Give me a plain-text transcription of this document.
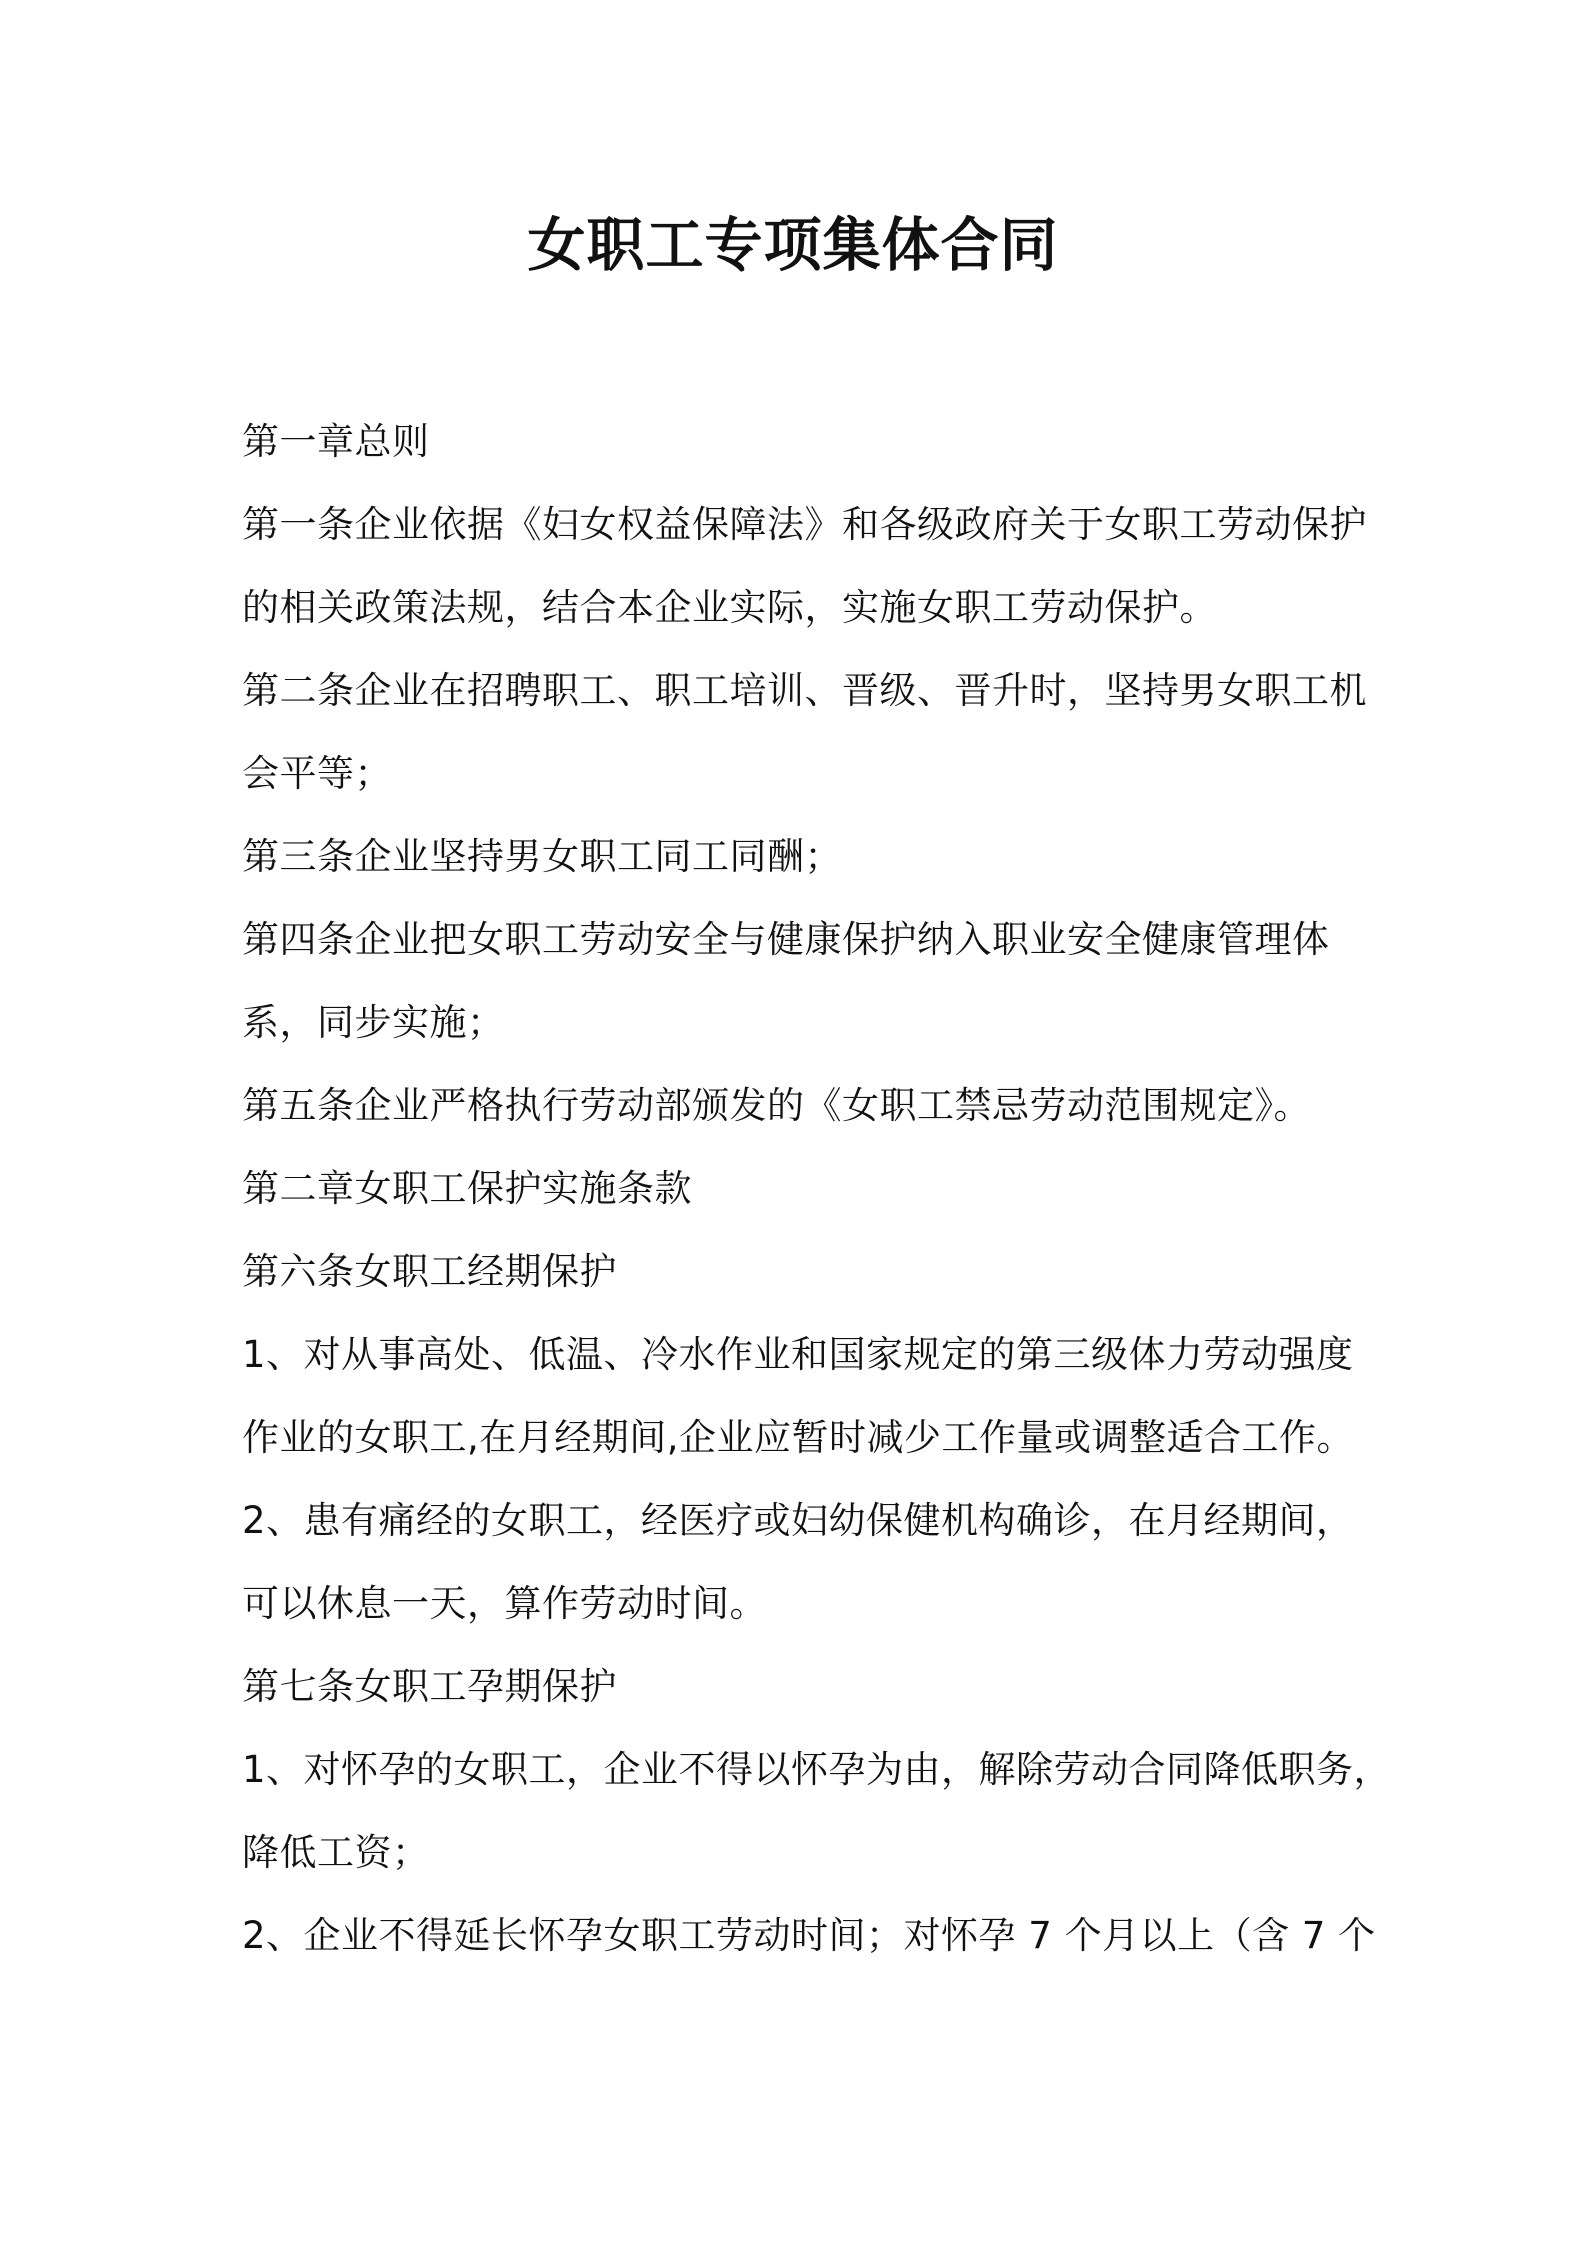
女职工专项集体合同
第一章总则
第一条企业依据《妇女权益保障法》和各级政府关于女职工劳动保护
的相关政策法规，结合本企业实际，实施女职工劳动保护。
第二条企业在招聘职工、职工培训、晋级、晋升时，坚持男女职工机
会平等；
第三条企业坚持男女职工同工同酬；
第四条企业把女职工劳动安全与健康保护纳入职业安全健康管理体
系，同步实施；
第五条企业严格执行劳动部颁发的《女职工禁忌劳动范围规定》。
第二章女职工保护实施条款
第六条女职工经期保护
1、对从事高处、低温、冷水作业和国家规定的第三级体力劳动强度
作业的女职工,在月经期间,企业应暂时减少工作量或调整适合工作。
2、患有痛经的女职工，经医疗或妇幼保健机构确诊，在月经期间，
可以休息一天，算作劳动时间。
第七条女职工孕期保护
1、对怀孕的女职工，企业不得以怀孕为由，解除劳动合同降低职务，
降低工资；
2、企业不得延长怀孕女职工劳动时间；对怀孕 7 个月以上（含 7 个
